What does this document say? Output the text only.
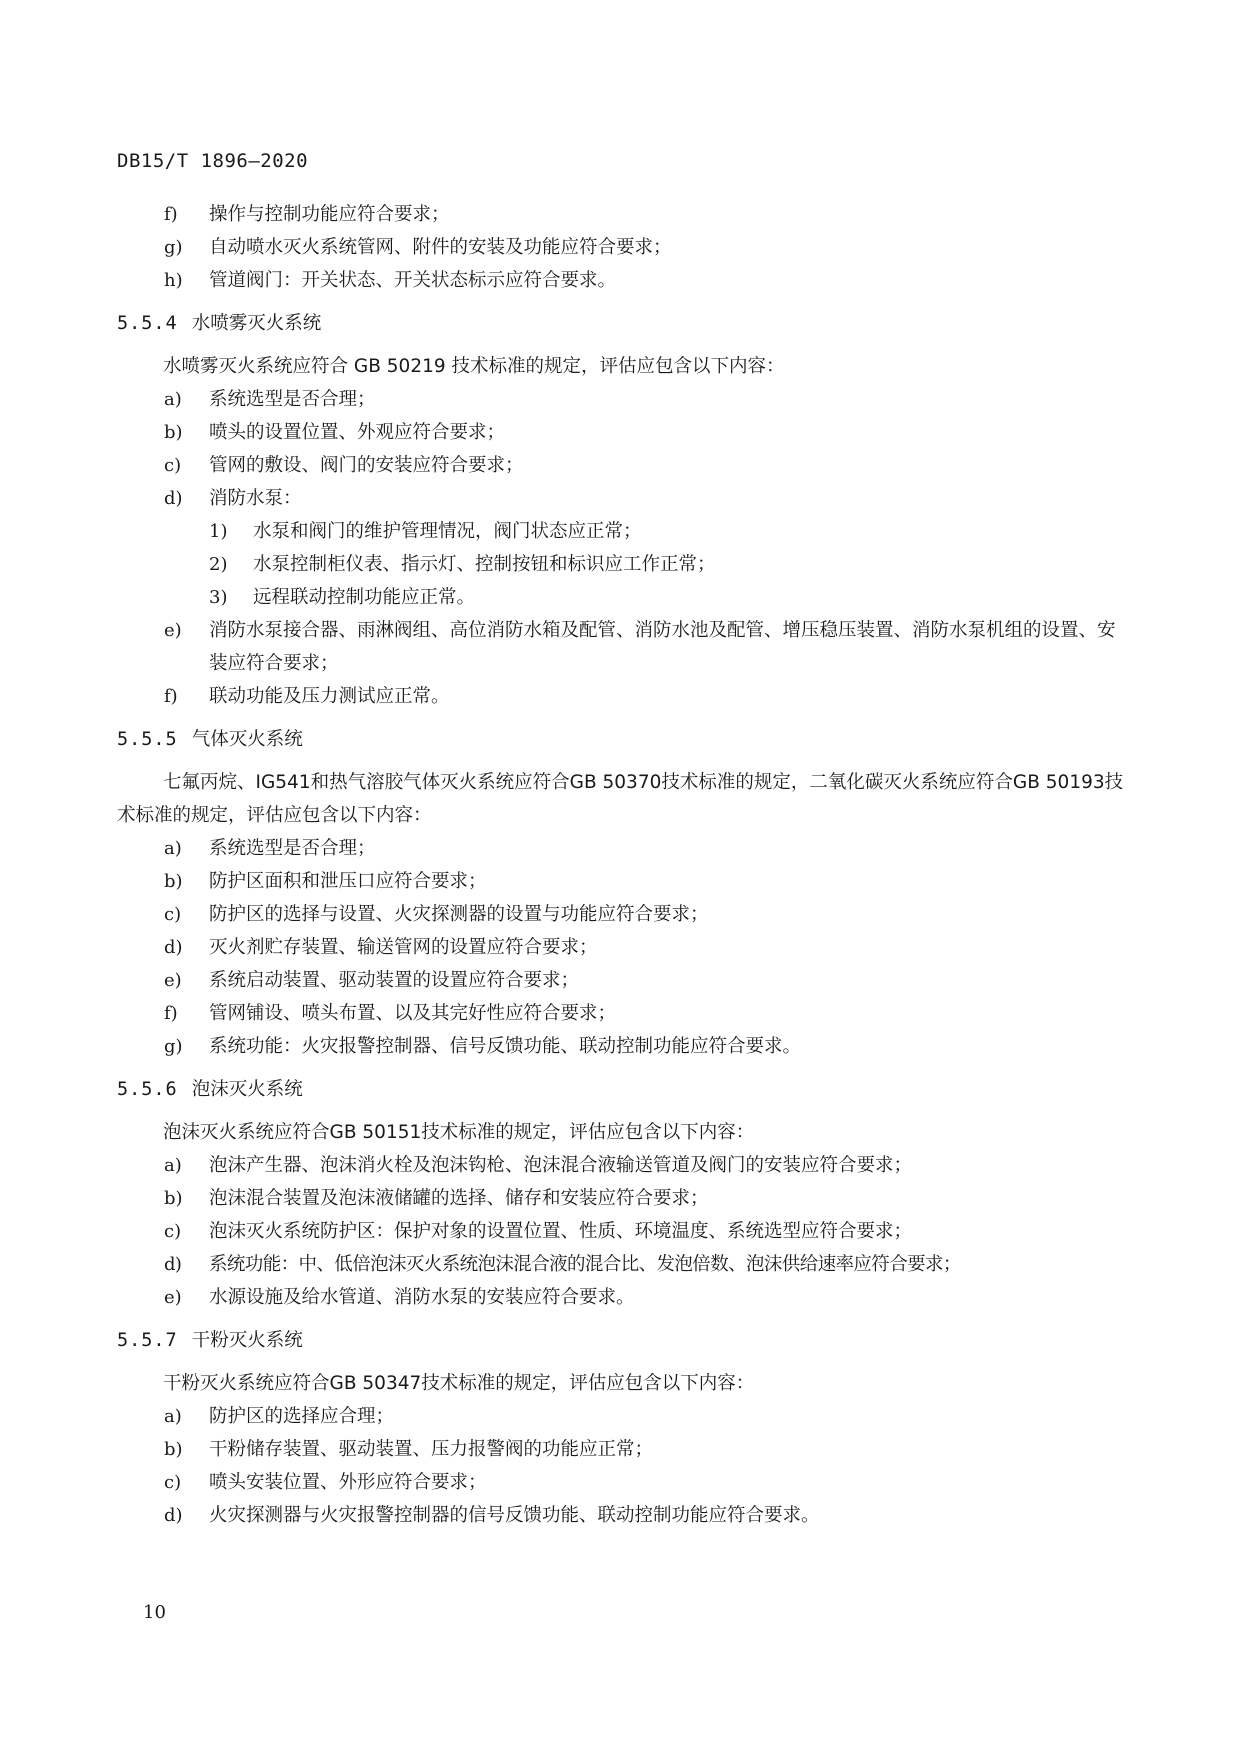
DB15/T 1896—2020
f) 操作与控制功能应符合要求；
g) 自动喷水灭火系统管网、附件的安装及功能应符合要求；
h) 管道阀门：开关状态、开关状态标示应符合要求。
5.5.4 水喷雾灭火系统
水喷雾灭火系统应符合 GB 50219 技术标准的规定，评估应包含以下内容：
a) 系统选型是否合理；
b) 喷头的设置位置、外观应符合要求；
c) 管网的敷设、阀门的安装应符合要求；
d) 消防水泵：
1) 水泵和阀门的维护管理情况，阀门状态应正常；
2) 水泵控制柜仪表、指示灯、控制按钮和标识应工作正常；
3) 远程联动控制功能应正常。
e) 消防水泵接合器、雨淋阀组、高位消防水箱及配管、消防水池及配管、增压稳压装置、消防水泵机组的设置、安装应符合要求；
f) 联动功能及压力测试应正常。
5.5.5 气体灭火系统
七氟丙烷、IG541和热气溶胶气体灭火系统应符合GB 50370技术标准的规定，二氧化碳灭火系统应符合GB 50193技术标准的规定，评估应包含以下内容：
a) 系统选型是否合理；
b) 防护区面积和泄压口应符合要求；
c) 防护区的选择与设置、火灾探测器的设置与功能应符合要求；
d) 灭火剂贮存装置、输送管网的设置应符合要求；
e) 系统启动装置、驱动装置的设置应符合要求；
f) 管网铺设、喷头布置、以及其完好性应符合要求；
g) 系统功能：火灾报警控制器、信号反馈功能、联动控制功能应符合要求。
5.5.6 泡沫灭火系统
泡沫灭火系统应符合GB 50151技术标准的规定，评估应包含以下内容：
a) 泡沫产生器、泡沫消火栓及泡沫钩枪、泡沫混合液输送管道及阀门的安装应符合要求；
b) 泡沫混合装置及泡沫液储罐的选择、储存和安装应符合要求；
c) 泡沫灭火系统防护区：保护对象的设置位置、性质、环境温度、系统选型应符合要求；
d) 系统功能：中、低倍泡沫灭火系统泡沫混合液的混合比、发泡倍数、泡沫供给速率应符合要求；
e) 水源设施及给水管道、消防水泵的安装应符合要求。
5.5.7 干粉灭火系统
干粉灭火系统应符合GB 50347技术标准的规定，评估应包含以下内容：
a) 防护区的选择应合理；
b) 干粉储存装置、驱动装置、压力报警阀的功能应正常；
c) 喷头安装位置、外形应符合要求；
d) 火灾探测器与火灾报警控制器的信号反馈功能、联动控制功能应符合要求。
10
